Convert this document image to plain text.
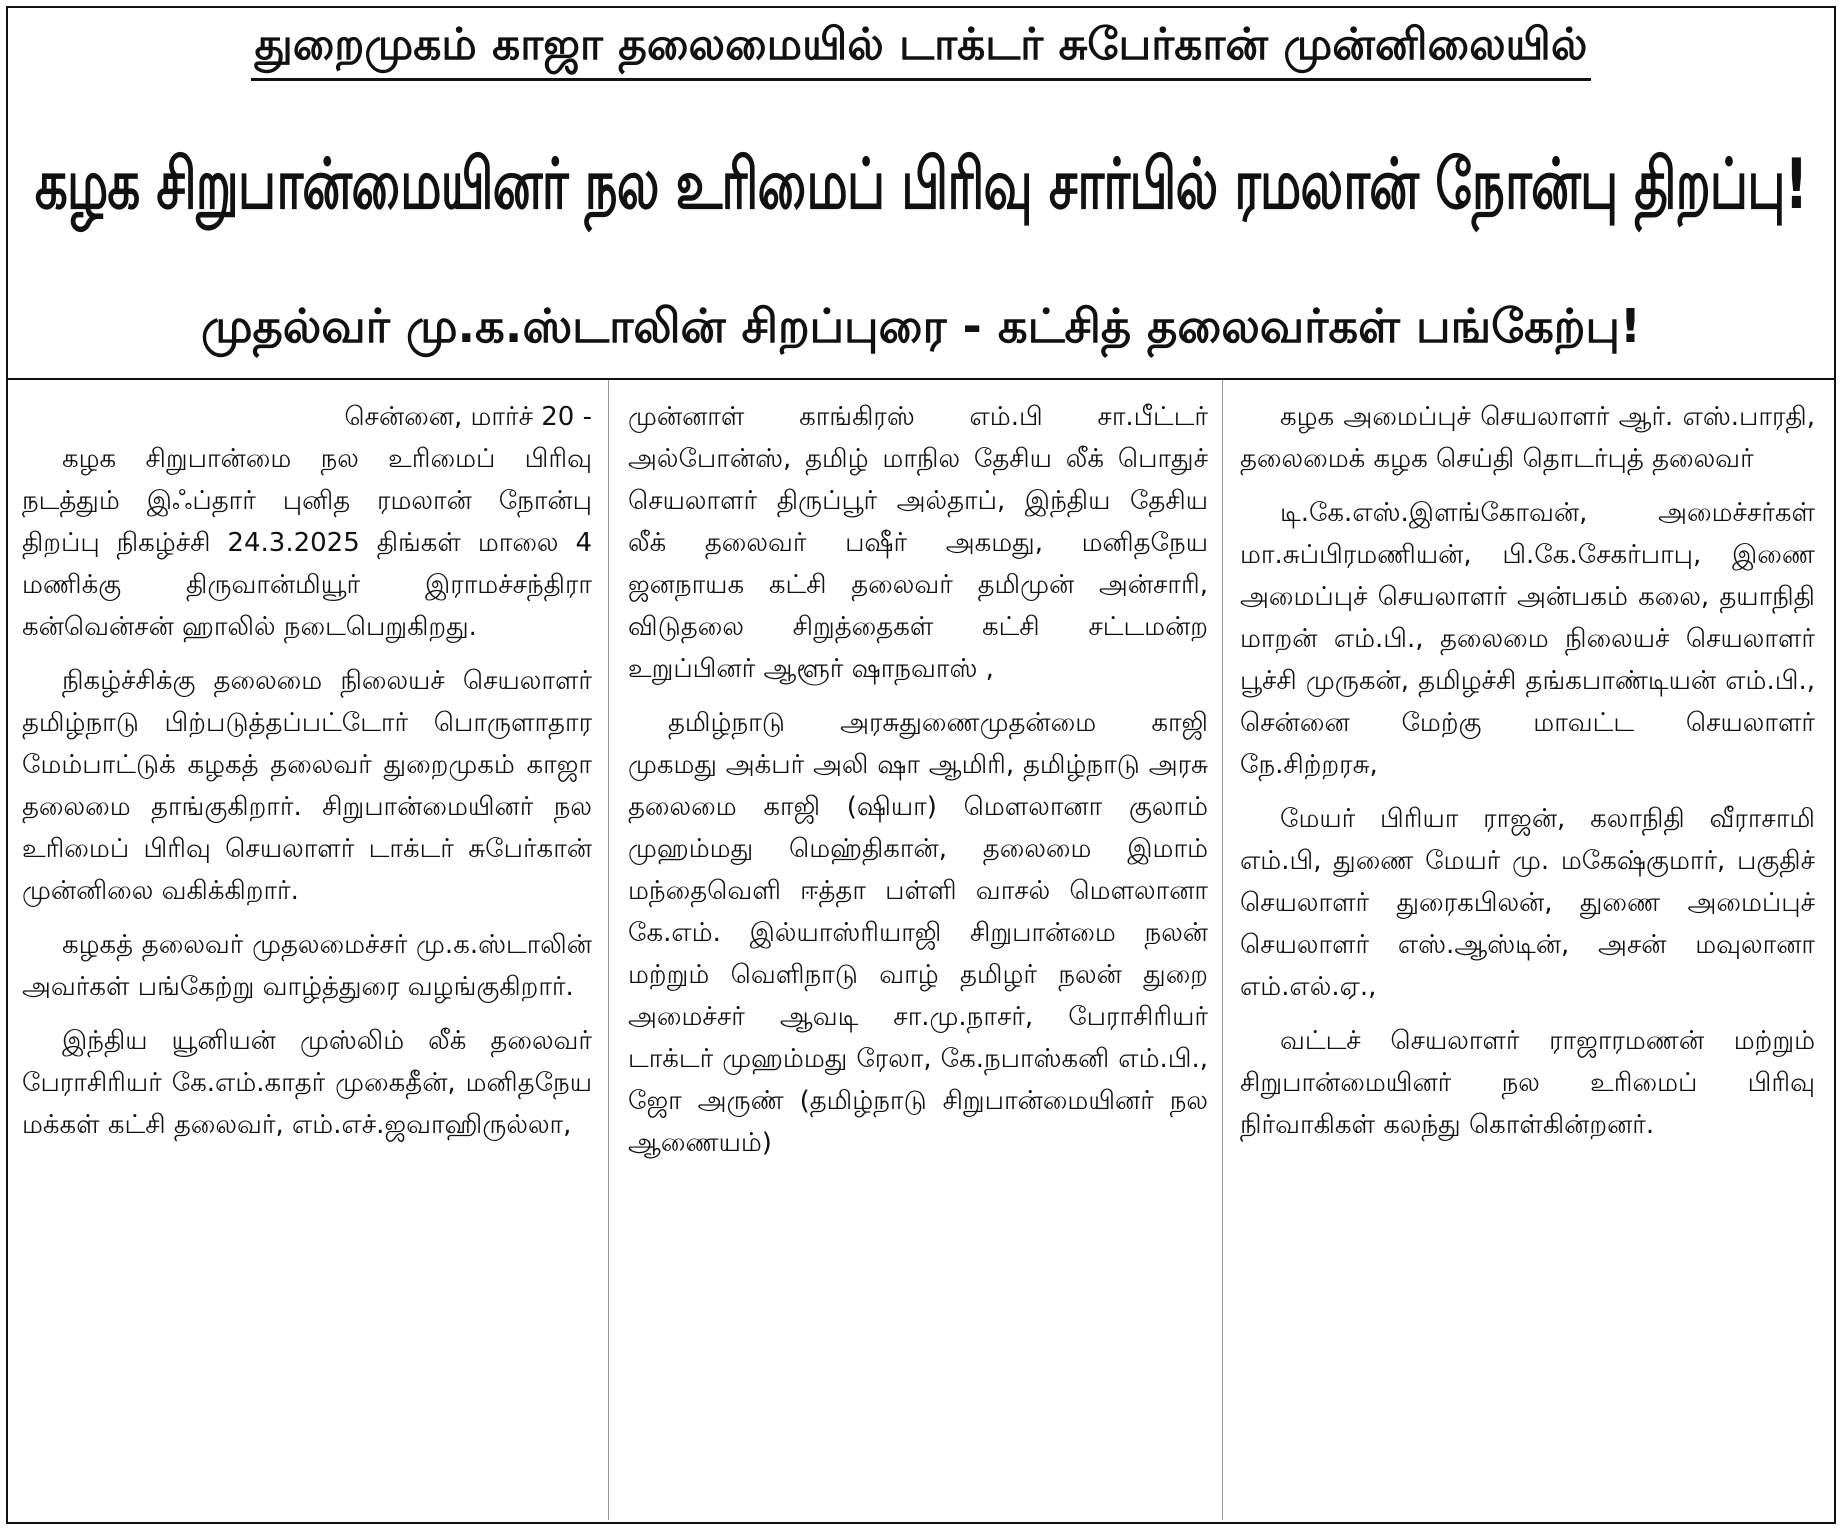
துறைமுகம் காஜா தலைமையில் டாக்டர் சுபேர்கான் முன்னிலையில்
கழக சிறுபான்மையினர் நல உரிமைப் பிரிவு சார்பில் ரமலான் நோன்பு திறப்பு!
முதல்வர் மு.க.ஸ்டாலின் சிறப்புரை - கட்சித் தலைவர்கள் பங்கேற்பு!

சென்னை, மார்ச் 20 -

கழக சிறுபான்மை நல உரிமைப் பிரிவு நடத்தும் இஃப்தார் புனித ரமலான் நோன்பு திறப்பு நிகழ்ச்சி 24.3.2025 திங்கள் மாலை 4 மணிக்கு திருவான்மியூர் இராமச்சந்திரா கன்வென்சன் ஹாலில் நடைபெறுகிறது.

நிகழ்ச்சிக்கு தலைமை நிலையச் செயலாளர் தமிழ்நாடு பிற்படுத்தப்பட்டோர் பொருளாதார மேம்பாட்டுக் கழகத் தலைவர் துறைமுகம் காஜா தலைமை தாங்குகிறார். சிறுபான்மையினர் நல உரிமைப் பிரிவு செயலாளர் டாக்டர் சுபேர்கான் முன்னிலை வகிக்கிறார்.

கழகத் தலைவர் முதலமைச்சர் மு.க.ஸ்டாலின் அவர்கள் பங்கேற்று வாழ்த்துரை வழங்குகிறார்.

இந்திய யூனியன் முஸ்லிம் லீக் தலைவர் பேராசிரியர் கே.எம்.காதர் முகைதீன், மனிதநேய மக்கள் கட்சி தலைவர், எம்.எச்.ஜவாஹிருல்லா,

முன்னாள் காங்கிரஸ் எம்.பி சா.பீட்டர் அல்போன்ஸ், தமிழ் மாநில தேசிய லீக் பொதுச் செயலாளர் திருப்பூர் அல்தாப், இந்திய தேசிய லீக் தலைவர் பஷீர் அகமது, மனிதநேய ஜனநாயக கட்சி தலைவர் தமிமுன் அன்சாரி, விடுதலை சிறுத்தைகள் கட்சி சட்டமன்ற உறுப்பினர் ஆளூர் ஷாநவாஸ் ,

தமிழ்நாடு அரசுதுணைமுதன்மை காஜி முகமது அக்பர் அலி ஷா ஆமிரி, தமிழ்நாடு அரசு தலைமை காஜி (ஷியா) மௌலானா குலாம் முஹம்மது மெஹ்திகான், தலைமை இமாம் மந்தைவெளி ஈத்தா பள்ளி வாசல் மௌலானா கே.எம். இல்யாஸ்ரியாஜி சிறுபான்மை நலன் மற்றும் வெளிநாடு வாழ் தமிழர் நலன் துறை அமைச்சர் ஆவடி சா.மு.நாசர், பேராசிரியர் டாக்டர் முஹம்மது ரேலா, கே.நபாஸ்கனி எம்.பி., ஜோ அருண் (தமிழ்நாடு சிறுபான்மையினர் நல ஆணையம்)

கழக அமைப்புச் செயலாளர் ஆர். எஸ்.பாரதி, தலைமைக் கழக செய்தி தொடர்புத் தலைவர்

டி.கே.எஸ்.இளங்கோவன், அமைச்சர்கள் மா.சுப்பிரமணியன், பி.கே.சேகர்பாபு, இணை அமைப்புச் செயலாளர் அன்பகம் கலை, தயாநிதி மாறன் எம்.பி., தலைமை நிலையச் செயலாளர் பூச்சி முருகன், தமிழச்சி தங்கபாண்டியன் எம்.பி., சென்னை மேற்கு மாவட்ட செயலாளர் நே.சிற்றரசு,

மேயர் பிரியா ராஜன், கலாநிதி வீராசாமி எம்.பி, துணை மேயர் மு. மகேஷ்குமார், பகுதிச் செயலாளர் துரைகபிலன், துணை அமைப்புச் செயலாளர் எஸ்.ஆஸ்டின், அசன் மவுலானா எம்.எல்.ஏ.,

வட்டச் செயலாளர் ராஜாரமணன் மற்றும் சிறுபான்மையினர் நல உரிமைப் பிரிவு நிர்வாகிகள் கலந்து கொள்கின்றனர்.
